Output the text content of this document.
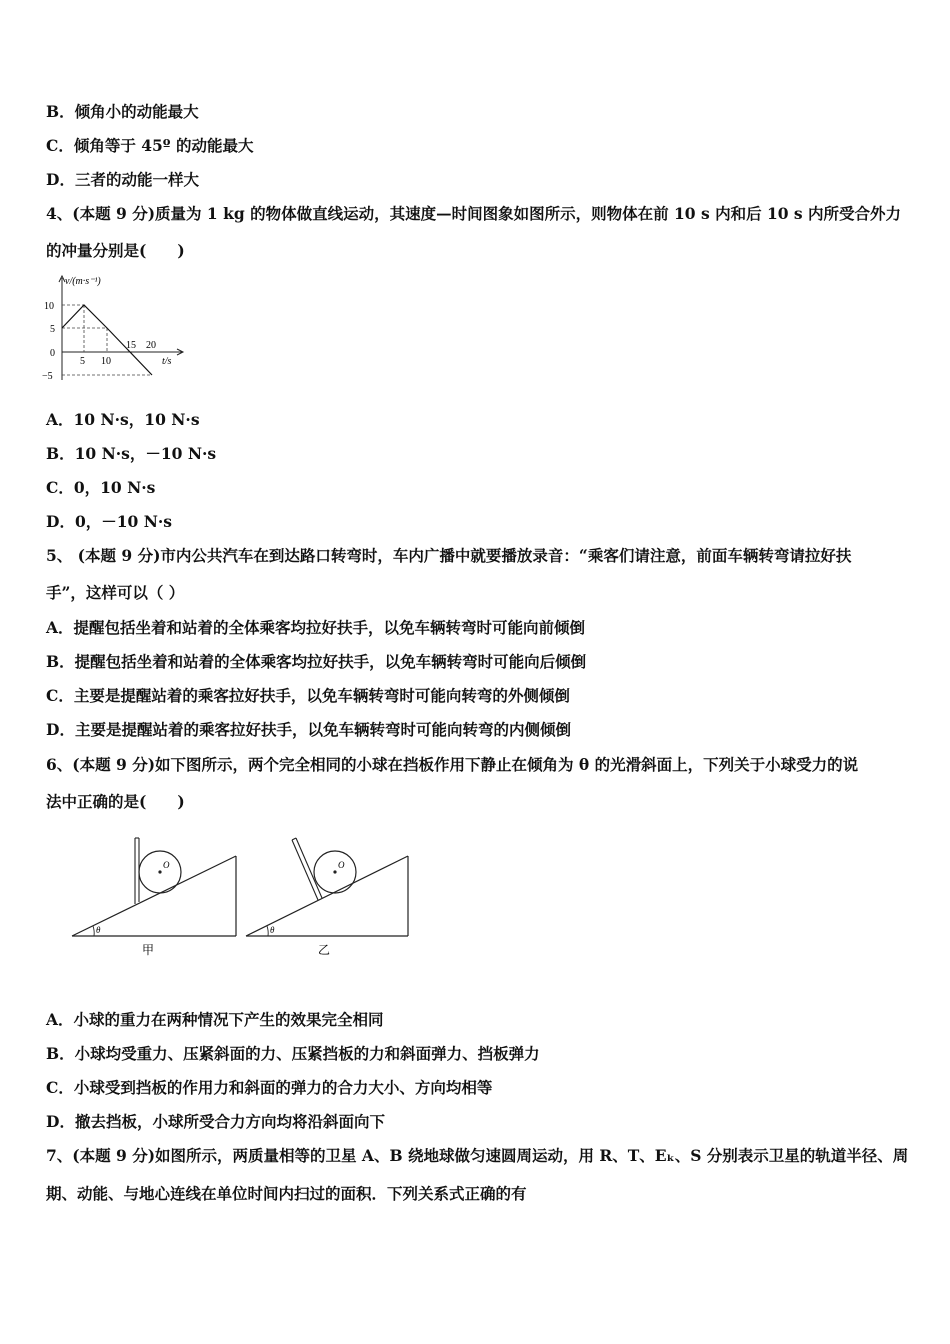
B．倾角小的动能最大

C．倾角等于 45º 的动能最大

D．三者的动能一样大

4、(本题 9 分)质量为 1 kg 的物体做直线运动，其速度—时间图象如图所示，则物体在前 10 s 内和后 10 s 内所受合外力

的冲量分别是(　　)

v/(m·s⁻¹)
t/s
10
5
0
−5
5 10
15 20

A．10 N·s，10 N·s

B．10 N·s，－10 N·s

C．0，10 N·s

D．0，－10 N·s

5、 (本题 9 分)市内公共汽车在到达路口转弯时，车内广播中就要播放录音：“乘客们请注意，前面车辆转弯请拉好扶

手”，这样可以（ ）

A．提醒包括坐着和站着的全体乘客均拉好扶手，以免车辆转弯时可能向前倾倒

B．提醒包括坐着和站着的全体乘客均拉好扶手，以免车辆转弯时可能向后倾倒

C．主要是提醒站着的乘客拉好扶手，以免车辆转弯时可能向转弯的外侧倾倒

D．主要是提醒站着的乘客拉好扶手，以免车辆转弯时可能向转弯的内侧倾倒

6、(本题 9 分)如下图所示，两个完全相同的小球在挡板作用下静止在倾角为 θ 的光滑斜面上，下列关于小球受力的说

法中正确的是(　　)

O
θ
甲
O
θ
乙

A．小球的重力在两种情况下产生的效果完全相同

B．小球均受重力、压紧斜面的力、压紧挡板的力和斜面弹力、挡板弹力

C．小球受到挡板的作用力和斜面的弹力的合力大小、方向均相等

D．撤去挡板，小球所受合力方向均将沿斜面向下

7、(本题 9 分)如图所示，两质量相等的卫星 A、B 绕地球做匀速圆周运动，用 R、T、Eₖ、S 分别表示卫星的轨道半径、周

期、动能、与地心连线在单位时间内扫过的面积．下列关系式正确的有
